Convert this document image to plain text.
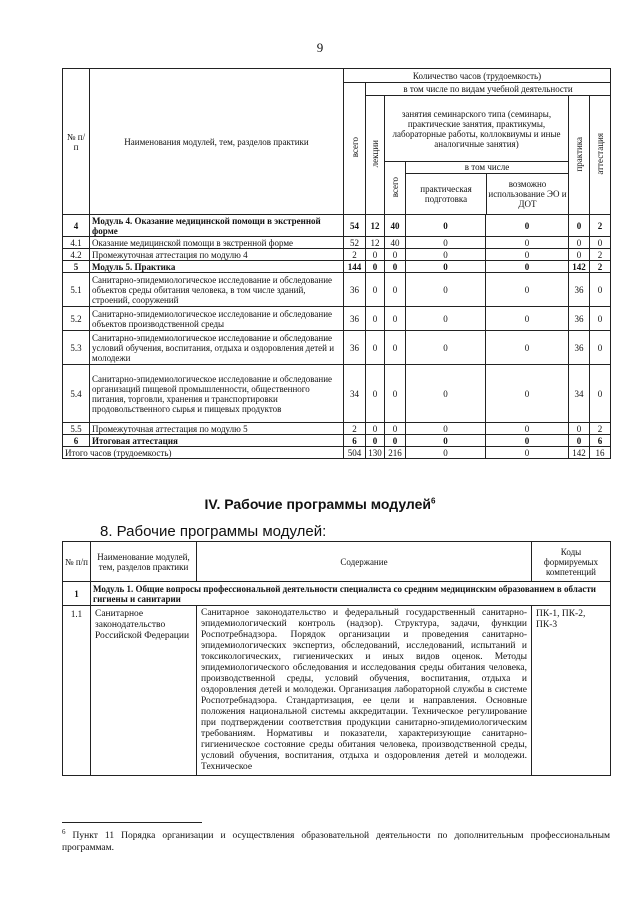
9
№ п/п	Наименования модулей, тем, разделов практики	Количество часов (трудоемкость)						
		всего	в том числе по видам учебной деятельности					
			лекции	занятия семинарского типа (семинары, практические занятия, практикумы, лабораторные работы, коллоквиумы и иные аналогичные занятия)			практика	аттестация
				всего	в том числе
практическая подготовка
возможно использование ЭО и ДОТ			

4	Модуль 4. Оказание медицинской помощи в экстренной форме	54	12	40	0	0	0	2
4.1	Оказание медицинской помощи в экстренной форме	52	12	40	0	0	0	0
4.2	Промежуточная аттестация по модулю 4	2	0	0	0	0	0	2
5	Модуль 5. Практика	144	0	0	0	0	142	2
5.1	Санитарно-эпидемиологическое исследование и обследование объектов среды обитания человека, в том числе зданий, строений, сооружений	36	0	0	0	0	36	0
5.2	Санитарно-эпидемиологическое исследование и обследование объектов производственной среды	36	0	0	0	0	36	0
5.3	Санитарно-эпидемиологическое исследование и обследование условий обучения, воспитания, отдыха и оздоровления детей и молодежи	36	0	0	0	0	36	0
5.4	Санитарно-эпидемиологическое исследование и обследование организаций пищевой промышленности, общественного питания, торговли, хранения и транспортировки продовольственного сырья и пищевых продуктов	34	0	0	0	0	34	0
5.5	Промежуточная аттестация по модулю 5	2	0	0	0	0	0	2
6	Итоговая аттестация	6	0	0	0	0	0	6
Итого часов (трудоемкость)		504	130	216	0	0	142	16
IV. Рабочие программы модулей$^6$
8. Рабочие программы модулей:
№ п/п	Наименование модулей, тем, разделов практики	Содержание	Коды формируемых компетенций
1	Модуль 1. Общие вопросы профессиональной деятельности специалиста со средним медицинским образованием в области гигиены и санитарии		
1.1	Санитарное законодательство Российской Федерации	Санитарное законодательство и федеральный государственный санитарно-эпидемиологический контроль (надзор). Структура, задачи, функции Роспотребнадзора. Порядок организации и проведения санитарно-эпидемиологических экспертиз, обследований, исследований, испытаний и токсикологических, гигиенических и иных видов оценок. Методы эпидемиологического обследования и исследования среды обитания человека, производственной среды, условий обучения, воспитания, отдыха и оздоровления детей и молодежи. Организация лабораторной службы в системе Роспотребнадзора. Стандартизация, ее цели и направления. Основные положения национальной системы аккредитации. Техническое регулирование при подтверждении соответствия продукции санитарно-эпидемиологическим требованиям. Нормативы и показатели, характеризующие санитарно-гигиеническое состояние среды обитания человека, производственной среды, условий обучения, воспитания, отдыха и оздоровления детей и молодежи. Техническое	ПК-1, ПК-2, ПК-3
$^6$ Пункт 11 Порядка организации и осуществления образовательной деятельности по дополнительным профессиональным программам.
